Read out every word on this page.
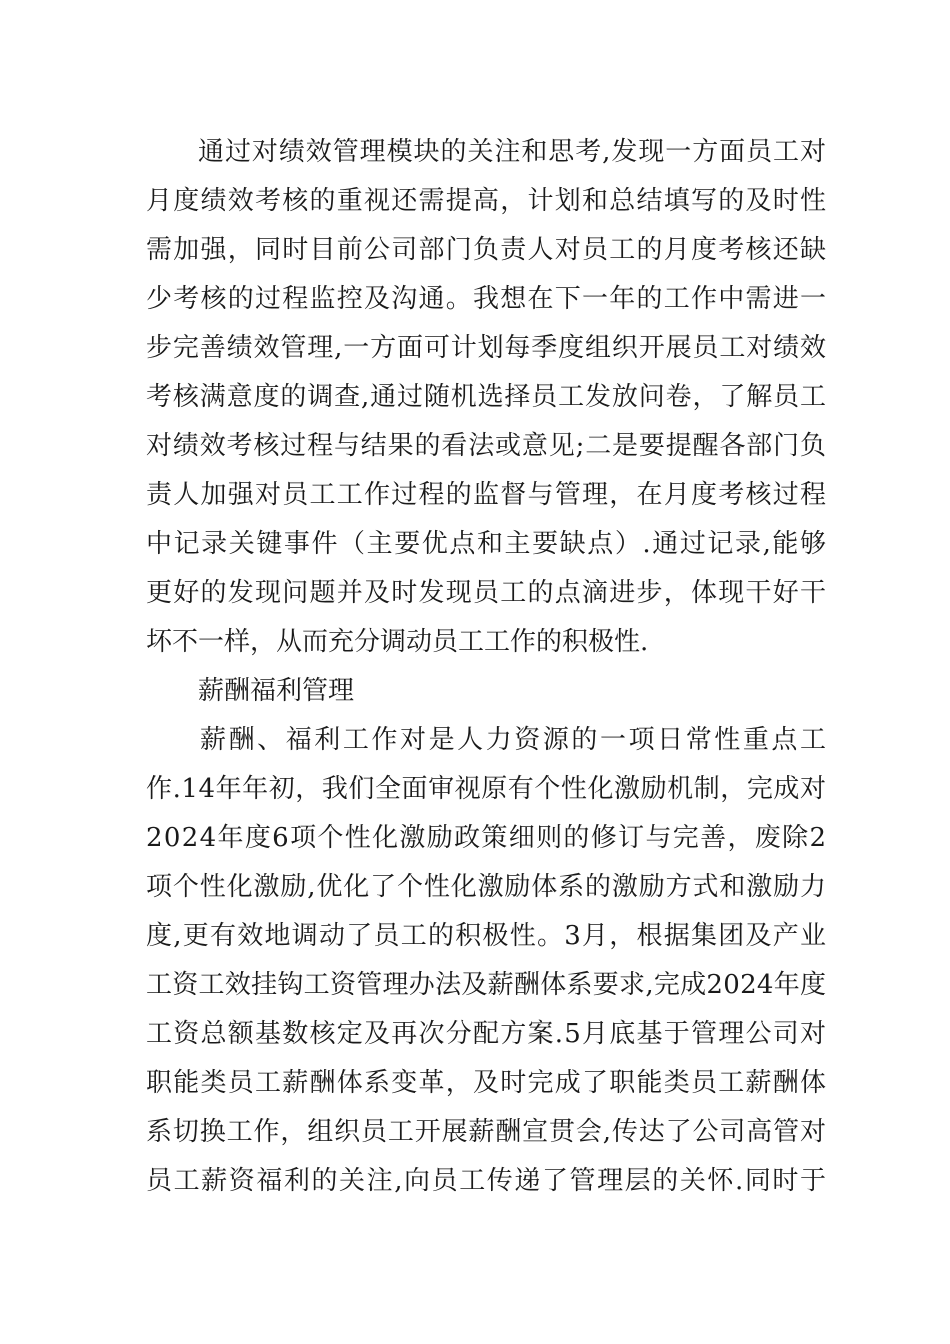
通过对绩效管理模块的关注和思考,发现一方面员工对
月度绩效考核的重视还需提高，计划和总结填写的及时性
需加强，同时目前公司部门负责人对员工的月度考核还缺
少考核的过程监控及沟通。我想在下一年的工作中需进一
步完善绩效管理,一方面可计划每季度组织开展员工对绩效
考核满意度的调查,通过随机选择员工发放问卷，了解员工
对绩效考核过程与结果的看法或意见;二是要提醒各部门负
责人加强对员工工作过程的监督与管理，在月度考核过程
中记录关键事件（主要优点和主要缺点）.通过记录,能够
更好的发现问题并及时发现员工的点滴进步，体现干好干
坏不一样，从而充分调动员工工作的积极性.
薪酬福利管理
薪酬、福利工作对是人力资源的一项日常性重点工
作.14年年初，我们全面审视原有个性化激励机制，完成对
2024年度6项个性化激励政策细则的修订与完善，废除2
项个性化激励,优化了个性化激励体系的激励方式和激励力
度,更有效地调动了员工的积极性。3月，根据集团及产业
工资工效挂钩工资管理办法及薪酬体系要求,完成2024年度
工资总额基数核定及再次分配方案.5月底基于管理公司对
职能类员工薪酬体系变革，及时完成了职能类员工薪酬体
系切换工作，组织员工开展薪酬宣贯会,传达了公司高管对
员工薪资福利的关注,向员工传递了管理层的关怀.同时于
